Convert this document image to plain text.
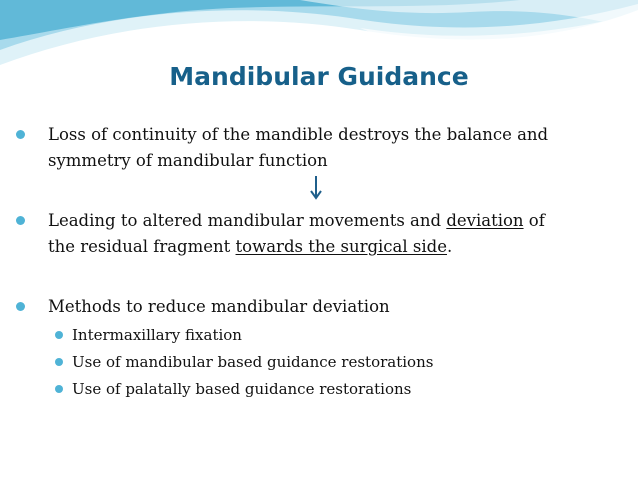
Mandibular Guidance
Loss of continuity of the mandible destroys the balance and
symmetry of mandibular function
Leading to altered mandibular movements and deviation of
the residual fragment towards the surgical side.
Methods to reduce mandibular deviation
Intermaxillary fixation
Use of mandibular based guidance restorations
Use of palatally based guidance restorations
